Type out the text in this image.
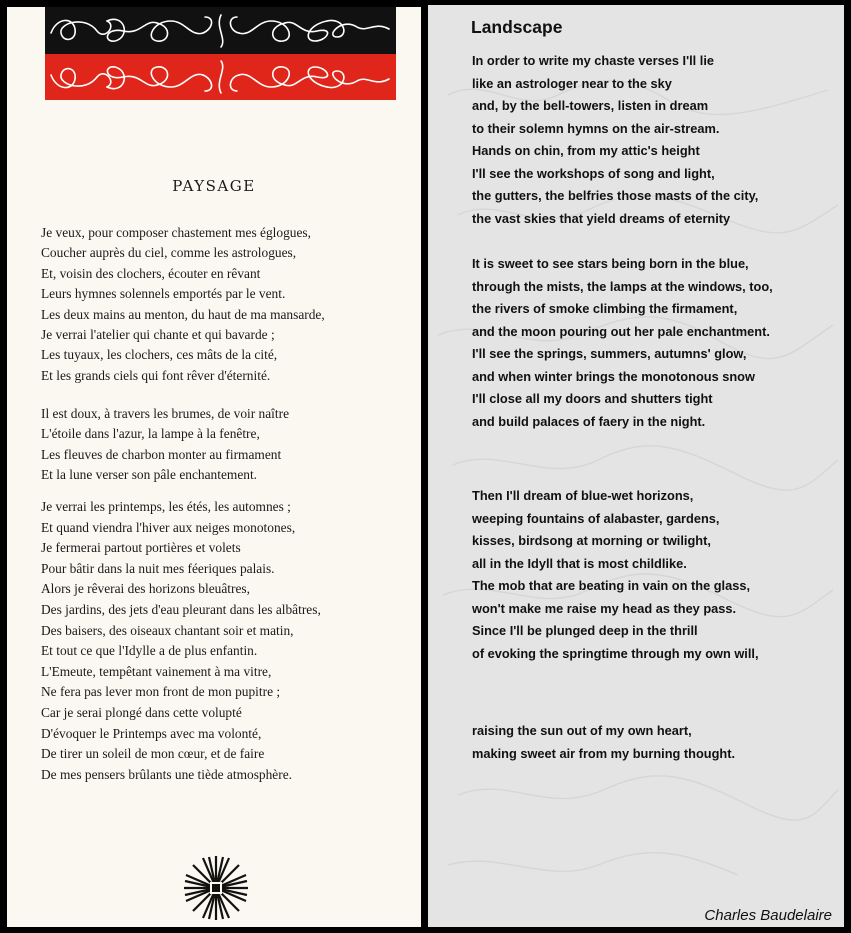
PAYSAGE
Je veux, pour composer chastement mes églogues,
Coucher auprès du ciel, comme les astrologues,
Et, voisin des clochers, écouter en rêvant
Leurs hymnes solennels emportés par le vent.
Les deux mains au menton, du haut de ma mansarde,
Je verrai l'atelier qui chante et qui bavarde ;
Les tuyaux, les clochers, ces mâts de la cité,
Et les grands ciels qui font rêver d'éternité.
Il est doux, à travers les brumes, de voir naître
L'étoile dans l'azur, la lampe à la fenêtre,
Les fleuves de charbon monter au firmament
Et la lune verser son pâle enchantement.
Je verrai les printemps, les étés, les automnes ;
Et quand viendra l'hiver aux neiges monotones,
Je fermerai partout portières et volets
Pour bâtir dans la nuit mes féeriques palais.
Alors je rêverai des horizons bleuâtres,
Des jardins, des jets d'eau pleurant dans les albâtres,
Des baisers, des oiseaux chantant soir et matin,
Et tout ce que l'Idylle a de plus enfantin.
L'Emeute, tempêtant vainement à ma vitre,
Ne fera pas lever mon front de mon pupitre ;
Car je serai plongé dans cette volupté
D'évoquer le Printemps avec ma volonté,
De tirer un soleil de mon cœur, et de faire
De mes pensers brûlants une tiède atmosphère.
Landscape
In order to write my chaste verses I'll lie
like an astrologer near to the sky
and, by the bell-towers, listen in dream
to their solemn hymns on the air-stream.
Hands on chin, from my attic's height
I'll see the workshops of song and light,
the gutters, the belfries those masts of the city,
the vast skies that yield dreams of eternity
It is sweet to see stars being born in the blue,
through the mists, the lamps at the windows, too,
the rivers of smoke climbing the firmament,
and the moon pouring out her pale enchantment.
I'll see the springs, summers, autumns' glow,
and when winter brings the monotonous snow
I'll close all my doors and shutters tight
and build palaces of faery in the night.
Then I'll dream of blue-wet horizons,
weeping fountains of alabaster, gardens,
kisses, birdsong at morning or twilight,
all in the Idyll that is most childlike.
The mob that are beating in vain on the glass,
won't make me raise my head as they pass.
Since I'll be plunged deep in the thrill
of evoking the springtime through my own will,
raising the sun out of my own heart,
making sweet air from my burning thought.
Charles Baudelaire
